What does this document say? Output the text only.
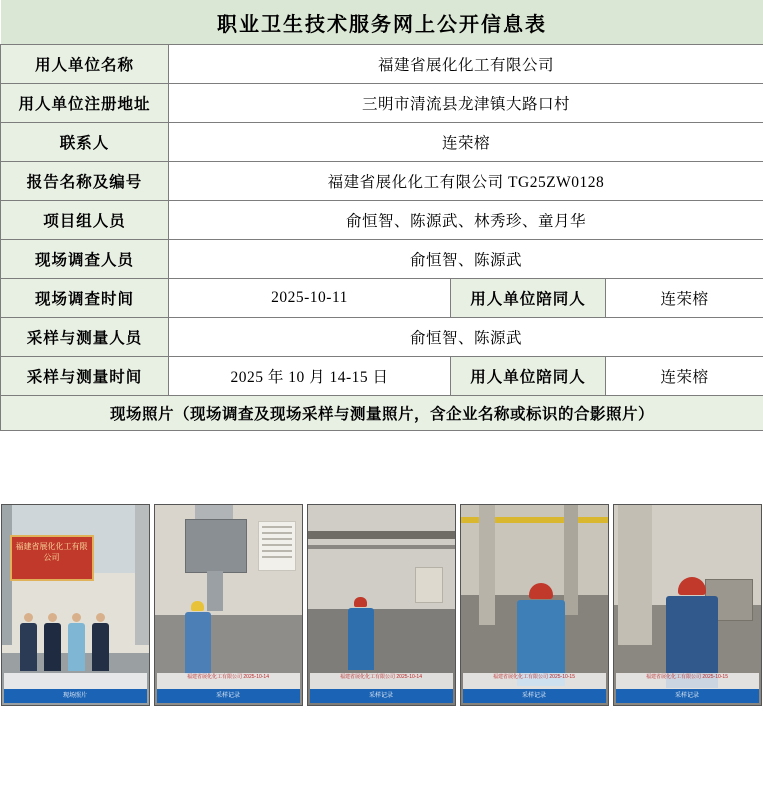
职业卫生技术服务网上公开信息表			
用人单位名称	福建省展化化工有限公司		
用人单位注册地址	三明市清流县龙津镇大路口村		
联系人	连荣榕		
报告名称及编号	福建省展化化工有限公司 TG25ZW0128		
项目组人员	俞恒智、陈源武、林秀珍、童月华		
现场调查人员	俞恒智、陈源武		
现场调查时间	2025-10-11	用人单位陪同人	连荣榕
采样与测量人员	俞恒智、陈源武		
采样与测量时间	2025 年 10 月 14-15 日	用人单位陪同人	连荣榕
现场照片（现场调查及现场采样与测量照片，含企业名称或标识的合影照片）			

福建省展化化工有限公司
现场照片
福建省展化化工有限公司 2025-10-14
采样记录
福建省展化化工有限公司 2025-10-14
采样记录
福建省展化化工有限公司 2025-10-15
采样记录
福建省展化化工有限公司 2025-10-15
采样记录
